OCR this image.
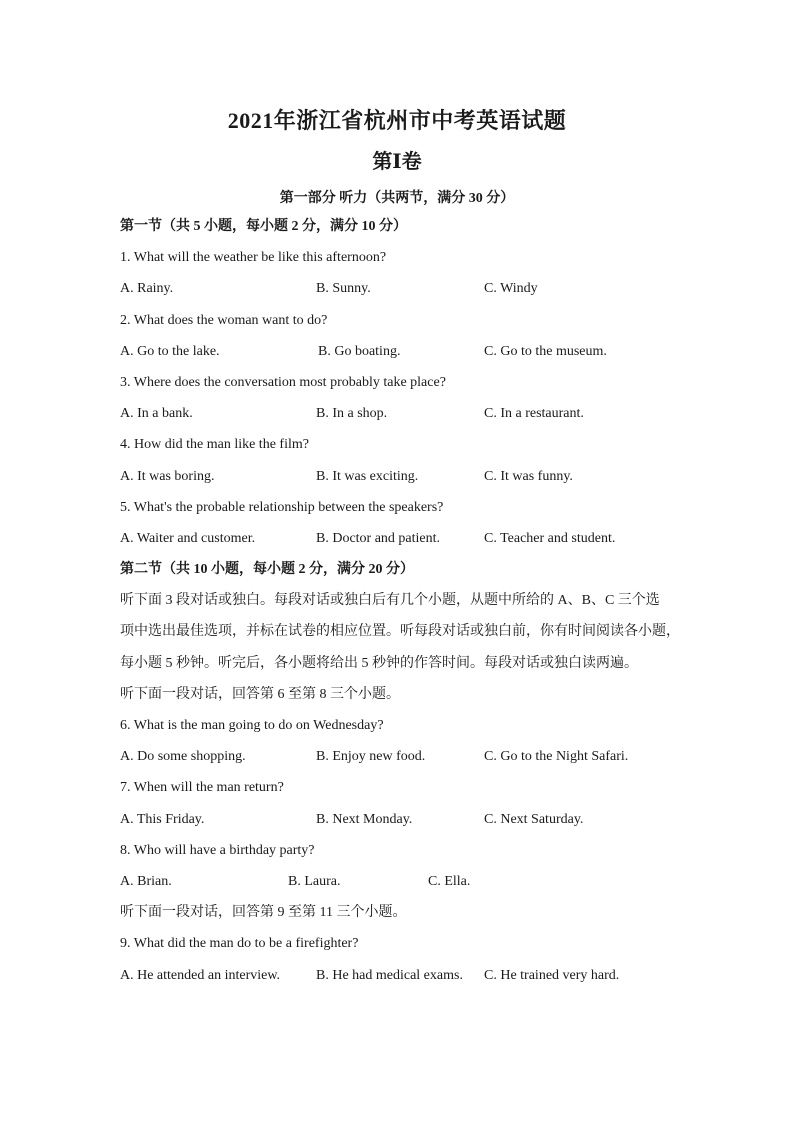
2021年浙江省杭州市中考英语试题
第Ⅰ卷
第一部分 听力（共两节，满分 30 分）
第一节（共 5 小题，每小题 2 分，满分 10 分）
1. What will the weather be like this afternoon?
A. Rainy.	B. Sunny.	C. Windy
2. What does the woman want to do?
A. Go to the lake.	B. Go boating.	C. Go to the museum.
3. Where does the conversation most probably take place?
A. In a bank.	B. In a shop.	C. In a restaurant.
4. How did the man like the film?
A. It was boring.	B. It was exciting.	C. It was funny.
5. What's the probable relationship between the speakers?
A. Waiter and customer.	B. Doctor and patient.	C. Teacher and student.
第二节（共 10 小题，每小题 2 分，满分 20 分）
听下面 3 段对话或独白。每段对话或独白后有几个小题，从题中所给的 A、B、C 三个选
项中选出最佳选项，并标在试卷的相应位置。听每段对话或独白前，你有时间阅读各小题，
每小题 5 秒钟。听完后，各小题将给出 5 秒钟的作答时间。每段对话或独白读两遍。
听下面一段对话，回答第 6 至第 8 三个小题。
6. What is the man going to do on Wednesday?
A. Do some shopping.	B. Enjoy new food.	C. Go to the Night Safari.
7. When will the man return?
A. This Friday.	B. Next Monday.	C. Next Saturday.
8. Who will have a birthday party?
A. Brian.	B. Laura.	C. Ella.
听下面一段对话，回答第 9 至第 11 三个小题。
9. What did the man do to be a firefighter?
A. He attended an interview.	B. He had medical exams.	C. He trained very hard.
